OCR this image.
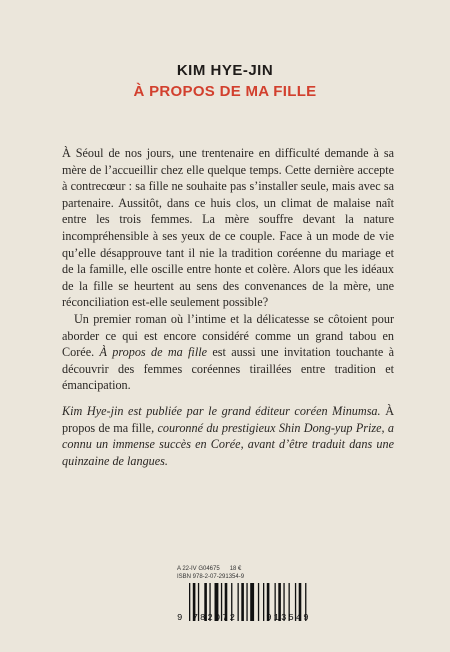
KIM HYE-JIN
À PROPOS DE MA FILLE

À Séoul de nos jours, une trentenaire en difficulté demande à sa mère de l’accueillir chez elle quelque temps. Cette dernière accepte à contrecœur : sa fille ne souhaite pas s’installer seule, mais avec sa partenaire. Aussitôt, dans ce huis clos, un climat de malaise naît entre les trois femmes. La mère souffre devant la nature incompréhensible à ses yeux de ce couple. Face à un mode de vie qu’elle désapprouve tant il nie la tradition coréenne du mariage et de la famille, elle oscille entre honte et colère. Alors que les idéaux de la fille se heurtent au sens des convenances de la mère, une réconciliation est-elle seulement possible?

Un premier roman où l’intime et la délicatesse se côtoient pour aborder ce qui est encore considéré comme un grand tabou en Corée. À propos de ma fille est aussi une invitation touchante à découvrir des femmes coréennes tiraillées entre tradition et émancipation.

Kim Hye-jin est publiée par le grand éditeur coréen Minumsa. À propos de ma fille, couronné du prestigieux Shin Dong-yup Prize, a connu un immense succès en Corée, avant d’être traduit dans une quinzaine de langues.

A 22-IV G04675 18 €
ISBN 978-2-07-291354-9
9 782072	913549
